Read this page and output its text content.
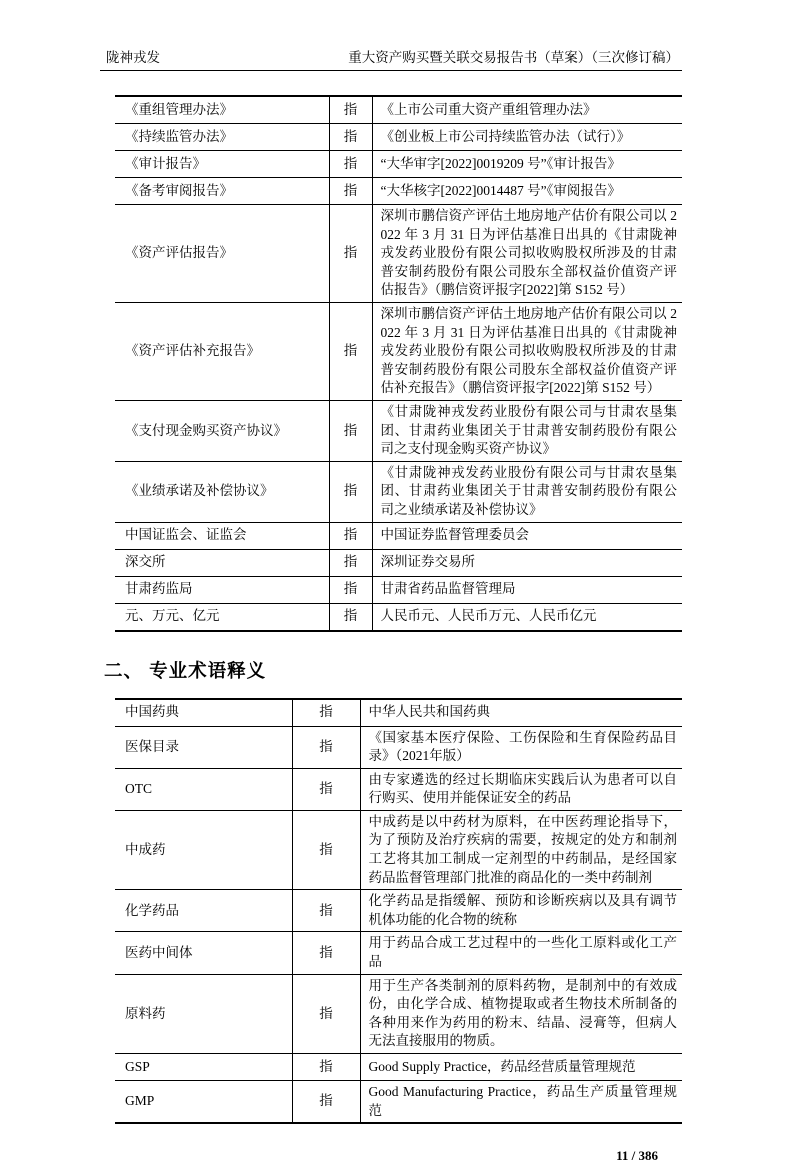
陇神戎发	重大资产购买暨关联交易报告书（草案）（三次修订稿）
《重组管理办法》	指	《上市公司重大资产重组管理办法》
《持续监管办法》	指	《创业板上市公司持续监管办法（试行）》
《审计报告》	指	“大华审字[2022]0019209 号”《审计报告》
《备考审阅报告》	指	“大华核字[2022]0014487 号”《审阅报告》
《资产评估报告》	指	深圳市鹏信资产评估土地房地产估价有限公司以 2022 年 3 月 31 日为评估基准日出具的《甘肃陇神戎发药业股份有限公司拟收购股权所涉及的甘肃普安制药股份有限公司股东全部权益价值资产评估报告》（鹏信资评报字[2022]第 S152 号）
《资产评估补充报告》	指	深圳市鹏信资产评估土地房地产估价有限公司以 2022 年 3 月 31 日为评估基准日出具的《甘肃陇神戎发药业股份有限公司拟收购股权所涉及的甘肃普安制药股份有限公司股东全部权益价值资产评估补充报告》（鹏信资评报字[2022]第 S152 号）
《支付现金购买资产协议》	指	《甘肃陇神戎发药业股份有限公司与甘肃农垦集团、甘肃药业集团关于甘肃普安制药股份有限公司之支付现金购买资产协议》
《业绩承诺及补偿协议》	指	《甘肃陇神戎发药业股份有限公司与甘肃农垦集团、甘肃药业集团关于甘肃普安制药股份有限公司之业绩承诺及补偿协议》
中国证监会、证监会	指	中国证券监督管理委员会
深交所	指	深圳证券交易所
甘肃药监局	指	甘肃省药品监督管理局
元、万元、亿元	指	人民币元、人民币万元、人民币亿元
二、 专业术语释义
中国药典	指	中华人民共和国药典
医保目录	指	《国家基本医疗保险、工伤保险和生育保险药品目录》（2021年版）
OTC	指	由专家遴选的经过长期临床实践后认为患者可以自行购买、使用并能保证安全的药品
中成药	指	中成药是以中药材为原料，在中医药理论指导下，为了预防及治疗疾病的需要，按规定的处方和制剂工艺将其加工制成一定剂型的中药制品，是经国家药品监督管理部门批准的商品化的一类中药制剂
化学药品	指	化学药品是指缓解、预防和诊断疾病以及具有调节机体功能的化合物的统称
医药中间体	指	用于药品合成工艺过程中的一些化工原料或化工产品
原料药	指	用于生产各类制剂的原料药物，是制剂中的有效成份，由化学合成、植物提取或者生物技术所制备的各种用来作为药用的粉末、结晶、浸膏等，但病人无法直接服用的物质。
GSP	指	Good Supply Practice，药品经营质量管理规范
GMP	指	Good Manufacturing Practice，药品生产质量管理规范
11 / 386
